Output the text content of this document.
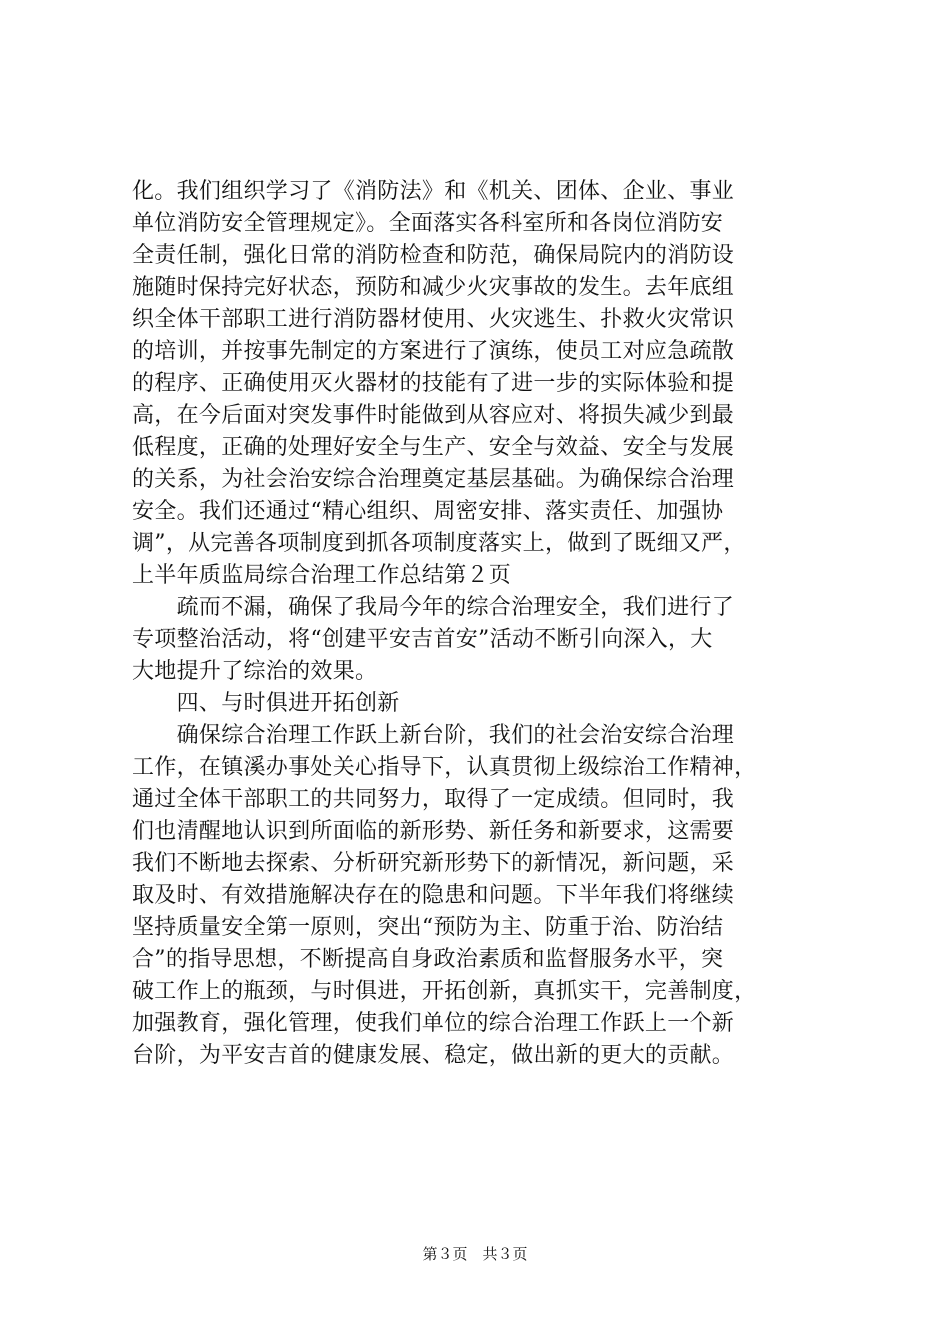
化。我们组织学习了《消防法》和《机关、团体、企业、事业
单位消防安全管理规定》。全面落实各科室所和各岗位消防安
全责任制，强化日常的消防检查和防范，确保局院内的消防设
施随时保持完好状态，预防和减少火灾事故的发生。去年底组
织全体干部职工进行消防器材使用、火灾逃生、扑救火灾常识
的培训，并按事先制定的方案进行了演练，使员工对应急疏散
的程序、正确使用灭火器材的技能有了进一步的实际体验和提
高，在今后面对突发事件时能做到从容应对、将损失减少到最
低程度，正确的处理好安全与生产、安全与效益、安全与发展
的关系，为社会治安综合治理奠定基层基础。为确保综合治理
安全。我们还通过“精心组织、周密安排、落实责任、加强协
调”，从完善各项制度到抓各项制度落实上，做到了既细又严，
上半年质监局综合治理工作总结第２页
　　疏而不漏，确保了我局今年的综合治理安全，我们进行了
专项整治活动，将“创建平安吉首安”活动不断引向深入，大
大地提升了综治的效果。
　　四、与时俱进开拓创新
　　确保综合治理工作跃上新台阶，我们的社会治安综合治理
工作，在镇溪办事处关心指导下，认真贯彻上级综治工作精神，
通过全体干部职工的共同努力，取得了一定成绩。但同时，我
们也清醒地认识到所面临的新形势、新任务和新要求，这需要
我们不断地去探索、分析研究新形势下的新情况，新问题，采
取及时、有效措施解决存在的隐患和问题。下半年我们将继续
坚持质量安全第一原则，突出“预防为主、防重于治、防治结
合”的指导思想，不断提高自身政治素质和监督服务水平，突
破工作上的瓶颈，与时俱进，开拓创新，真抓实干，完善制度，
加强教育，强化管理，使我们单位的综合治理工作跃上一个新
台阶，为平安吉首的健康发展、稳定，做出新的更大的贡献。
第３页　共３页
